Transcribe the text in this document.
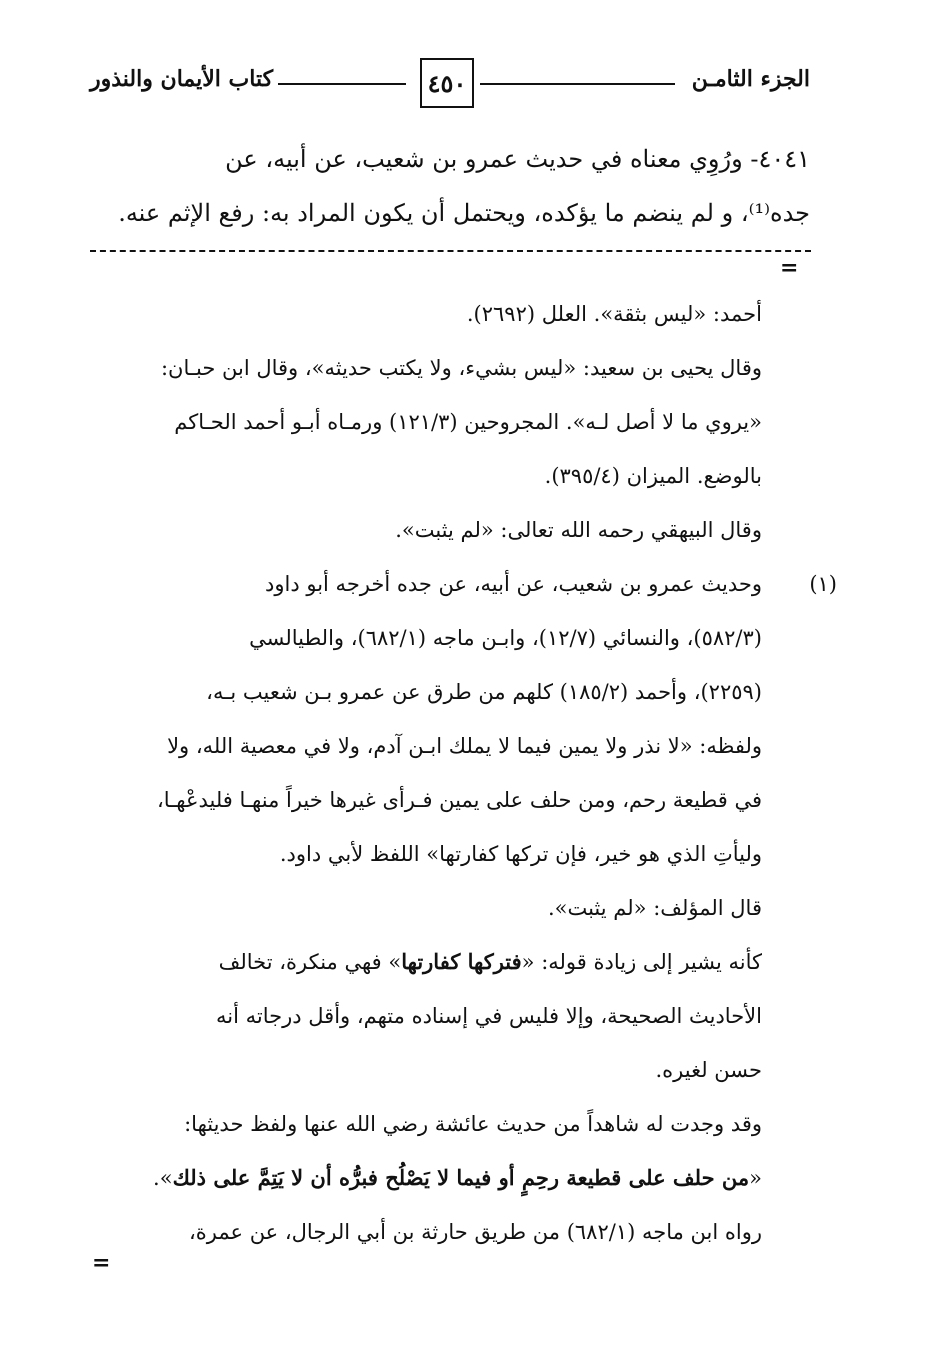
الجزء الثامـن
٤٥٠
كتاب الأيمان والنذور
٤٠٤١- ورُوِي معناه في حديث عمرو بن شعيب، عن أبيه، عن
جده⁽¹⁾، و لم ينضم ما يؤكده، ويحتمل أن يكون المراد به: رفع الإثم عنه.
=
أحمد: «ليس بثقة». العلل (٢٦٩٢).
وقال يحيى بن سعيد: «ليس بشيء، ولا يكتب حديثه»، وقال ابن حبـان:
«يروي ما لا أصل لـه». المجروحين (١٢١/٣) ورمـاه أبـو أحمد الحـاكم
بالوضع. الميزان (٣٩٥/٤).
وقال البيهقي رحمه الله تعالى: «لم يثبت».
(١)
وحديث عمرو بن شعيب، عن أبيه، عن جده أخرجه أبو داود
(٥٨٢/٣)، والنسائي (١٢/٧)، وابـن ماجه (٦٨٢/١)، والطيالسي
(٢٢٥٩)، وأحمد (١٨٥/٢) كلهم من طرق عن عمرو بـن شعيب بـه،
ولفظه: «لا نذر ولا يمين فيما لا يملك ابـن آدم، ولا في معصية الله، ولا
في قطيعة رحم، ومن حلف على يمين فـرأى غيرها خيراً منهـا فليدعْهـا،
وليأتِ الذي هو خير، فإن تركها كفارتها» اللفظ لأبي داود.
قال المؤلف: «لم يثبت».
كأنه يشير إلى زيادة قوله: «فتركها كفارتها» فهي منكرة، تخالف
الأحاديث الصحيحة، وإلا فليس في إسناده متهم، وأقل درجاته أنه
حسن لغيره.
وقد وجدت له شاهداً من حديث عائشة رضي الله عنها ولفظ حديثها:
«من حلف على قطيعة رحِمٍ أو فيما لا يَصْلُح فبرُّه أن لا يَتِمَّ على ذلك».
رواه ابن ماجه (٦٨٢/١) من طريق حارثة بن أبي الرجال، عن عمرة،
=
